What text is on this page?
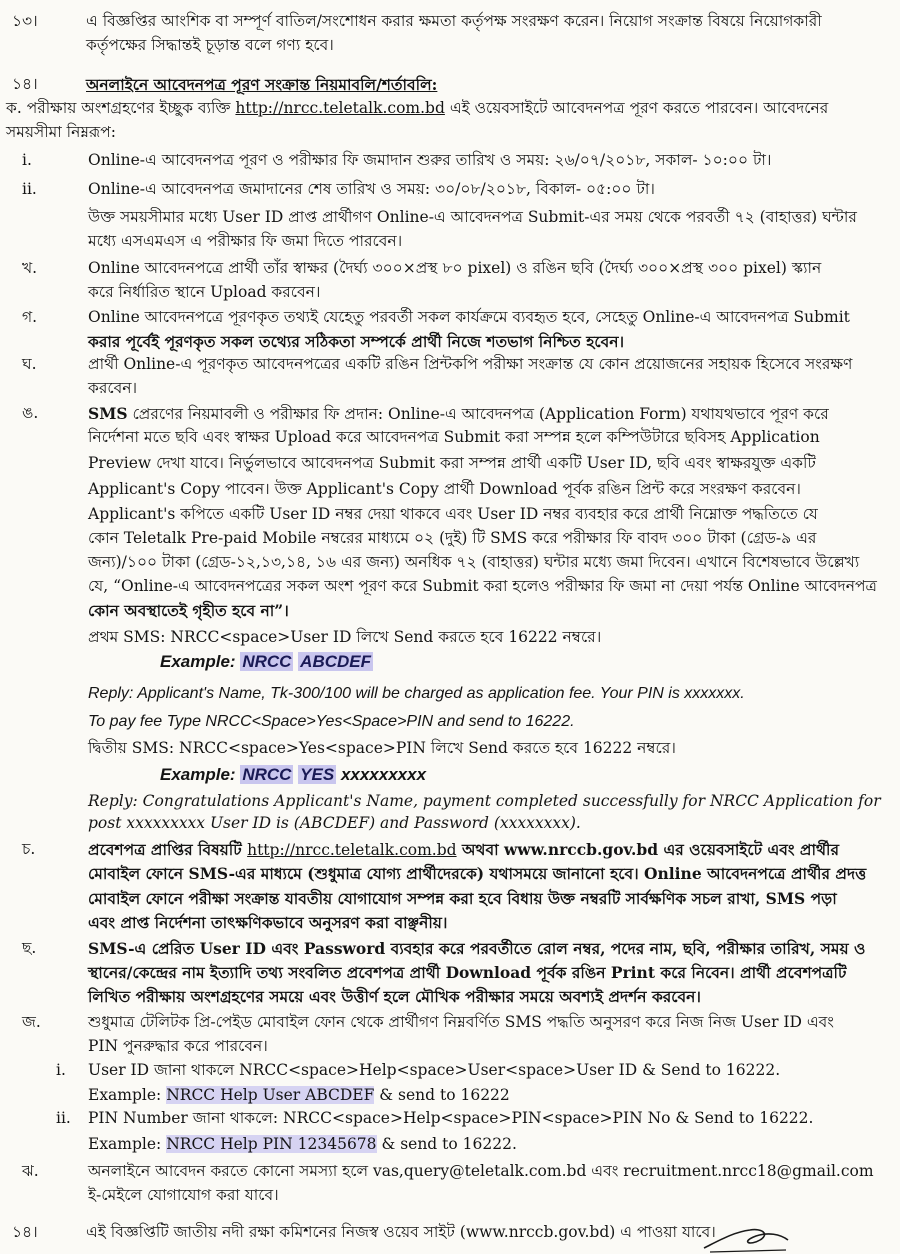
১৩।	এ বিজ্ঞপ্তির আংশিক বা সম্পূর্ণ বাতিল/সংশোধন করার ক্ষমতা কর্তৃপক্ষ সংরক্ষণ করেন। নিয়োগ সংক্রান্ত বিষয়ে নিয়োগকারী
কর্তৃপক্ষের সিদ্ধান্তই চূড়ান্ত বলে গণ্য হবে।
১৪।	অনলাইনে আবেদনপত্র পূরণ সংক্রান্ত নিয়মাবলি/শর্তাবলি:
ক. পরীক্ষায় অংশগ্রহণের ইচ্ছুক ব্যক্তি http://nrcc.teletalk.com.bd এই ওয়েবসাইটে আবেদনপত্র পূরণ করতে পারবেন। আবেদনের
সময়সীমা নিম্নরূপ:
i.	Online-এ আবেদনপত্র পূরণ ও পরীক্ষার ফি জমাদান শুরুর তারিখ ও সময়: ২৬/০৭/২০১৮, সকাল- ১০:০০ টা।
ii.	Online-এ আবেদনপত্র জমাদানের শেষ তারিখ ও সময়: ৩০/০৮/২০১৮, বিকাল- ০৫:০০ টা।
উক্ত সময়সীমার মধ্যে User ID প্রাপ্ত প্রার্থীগণ Online-এ আবেদনপত্র Submit-এর সময় থেকে পরবর্তী ৭২ (বাহাত্তর) ঘন্টার
মধ্যে এসএমএস এ পরীক্ষার ফি জমা দিতে পারবেন।
খ.	Online আবেদনপত্রে প্রার্থী তাঁর স্বাক্ষর (দৈর্ঘ্য ৩০০×প্রস্থ ৮০ pixel) ও রঙিন ছবি (দৈর্ঘ্য ৩০০×প্রস্থ ৩০০ pixel) স্ক্যান
করে নির্ধারিত স্থানে Upload করবেন।
গ.	Online আবেদনপত্রে পূরণকৃত তথ্যই যেহেতু পরবর্তী সকল কার্যক্রমে ব্যবহৃত হবে, সেহেতু Online-এ আবেদনপত্র Submit
করার পূর্বেই পূরণকৃত সকল তথ্যের সঠিকতা সম্পর্কে প্রার্থী নিজে শতভাগ নিশ্চিত হবেন।
ঘ.	প্রার্থী Online-এ পূরণকৃত আবেদনপত্রের একটি রঙিন প্রিন্টকপি পরীক্ষা সংক্রান্ত যে কোন প্রয়োজনের সহায়ক হিসেবে সংরক্ষণ
করবেন।
ঙ.	SMS প্রেরণের নিয়মাবলী ও পরীক্ষার ফি প্রদান: Online-এ আবেদনপত্র (Application Form) যথাযথভাবে পূরণ করে
নির্দেশনা মতে ছবি এবং স্বাক্ষর Upload করে আবেদনপত্র Submit করা সম্পন্ন হলে কম্পিউটারে ছবিসহ Application
Preview দেখা যাবে। নির্ভুলভাবে আবেদনপত্র Submit করা সম্পন্ন প্রার্থী একটি User ID, ছবি এবং স্বাক্ষরযুক্ত একটি
Applicant's Copy পাবেন। উক্ত Applicant's Copy প্রার্থী Download পূর্বক রঙিন প্রিন্ট করে সংরক্ষণ করবেন।
Applicant's কপিতে একটি User ID নম্বর দেয়া থাকবে এবং User ID নম্বর ব্যবহার করে প্রার্থী নিম্নোক্ত পদ্ধতিতে যে
কোন Teletalk Pre-paid Mobile নম্বরের মাধ্যমে ০২ (দুই) টি SMS করে পরীক্ষার ফি বাবদ ৩০০ টাকা (গ্রেড-৯ এর
জন্য)/১০০ টাকা (গ্রেড-১২,১৩,১৪, ১৬ এর জন্য) অনধিক ৭২ (বাহাত্তর) ঘন্টার মধ্যে জমা দিবেন। এখানে বিশেষভাবে উল্লেখ্য
যে, “Online-এ আবেদনপত্রের সকল অংশ পূরণ করে Submit করা হলেও পরীক্ষার ফি জমা না দেয়া পর্যন্ত Online আবেদনপত্র
কোন অবস্থাতেই গৃহীত হবে না”।
প্রথম SMS: NRCC<space>User ID লিখে Send করতে হবে 16222 নম্বরে।
Example: NRCC ABCDEF
Reply: Applicant's Name, Tk-300/100 will be charged as application fee. Your PIN is xxxxxxx.
To pay fee Type NRCC<Space>Yes<Space>PIN and send to 16222.
দ্বিতীয় SMS: NRCC<space>Yes<space>PIN লিখে Send করতে হবে 16222 নম্বরে।
Example: NRCC YES xxxxxxxxx
Reply: Congratulations Applicant's Name, payment completed successfully for NRCC Application for
post xxxxxxxxx User ID is (ABCDEF) and Password (xxxxxxxx).
চ.	প্রবেশপত্র প্রাপ্তির বিষয়টি http://nrcc.teletalk.com.bd অথবা www.nrccb.gov.bd এর ওয়েবসাইটে এবং প্রার্থীর
মোবাইল ফোনে SMS-এর মাধ্যমে (শুধুমাত্র যোগ্য প্রার্থীদেরকে) যথাসময়ে জানানো হবে। Online আবেদনপত্রে প্রার্থীর প্রদত্ত
মোবাইল ফোনে পরীক্ষা সংক্রান্ত যাবতীয় যোগাযোগ সম্পন্ন করা হবে বিধায় উক্ত নম্বরটি সার্বক্ষণিক সচল রাখা, SMS পড়া
এবং প্রাপ্ত নির্দেশনা তাৎক্ষণিকভাবে অনুসরণ করা বাঞ্ছনীয়।
ছ.	SMS-এ প্রেরিত User ID এবং Password ব্যবহার করে পরবর্তীতে রোল নম্বর, পদের নাম, ছবি, পরীক্ষার তারিখ, সময় ও
স্থানের/কেন্দ্রের নাম ইত্যাদি তথ্য সংবলিত প্রবেশপত্র প্রার্থী Download পূর্বক রঙিন Print করে নিবেন। প্রার্থী প্রবেশপত্রটি
লিখিত পরীক্ষায় অংশগ্রহণের সময়ে এবং উত্তীর্ণ হলে মৌখিক পরীক্ষার সময়ে অবশ্যই প্রদর্শন করবেন।
জ.	শুধুমাত্র টেলিটক প্রি-পেইড মোবাইল ফোন থেকে প্রার্থীগণ নিম্নবর্ণিত SMS পদ্ধতি অনুসরণ করে নিজ নিজ User ID এবং
PIN পুনরুদ্ধার করে পারবেন।
i. User ID জানা থাকলে NRCC<space>Help<space>User<space>User ID & Send to 16222.
Example: NRCC Help User ABCDEF & send to 16222
ii. PIN Number জানা থাকলে: NRCC<space>Help<space>PIN<space>PIN No & Send to 16222.
Example: NRCC Help PIN 12345678 & send to 16222.
ঝ.	অনলাইনে আবেদন করতে কোনো সমস্যা হলে vas,query@teletalk.com.bd এবং recruitment.nrcc18@gmail.com
ই-মেইলে যোগাযোগ করা যাবে।
১৪।	এই বিজ্ঞপ্তিটি জাতীয় নদী রক্ষা কমিশনের নিজস্ব ওয়েব সাইট (www.nrccb.gov.bd) এ পাওয়া যাবে।
